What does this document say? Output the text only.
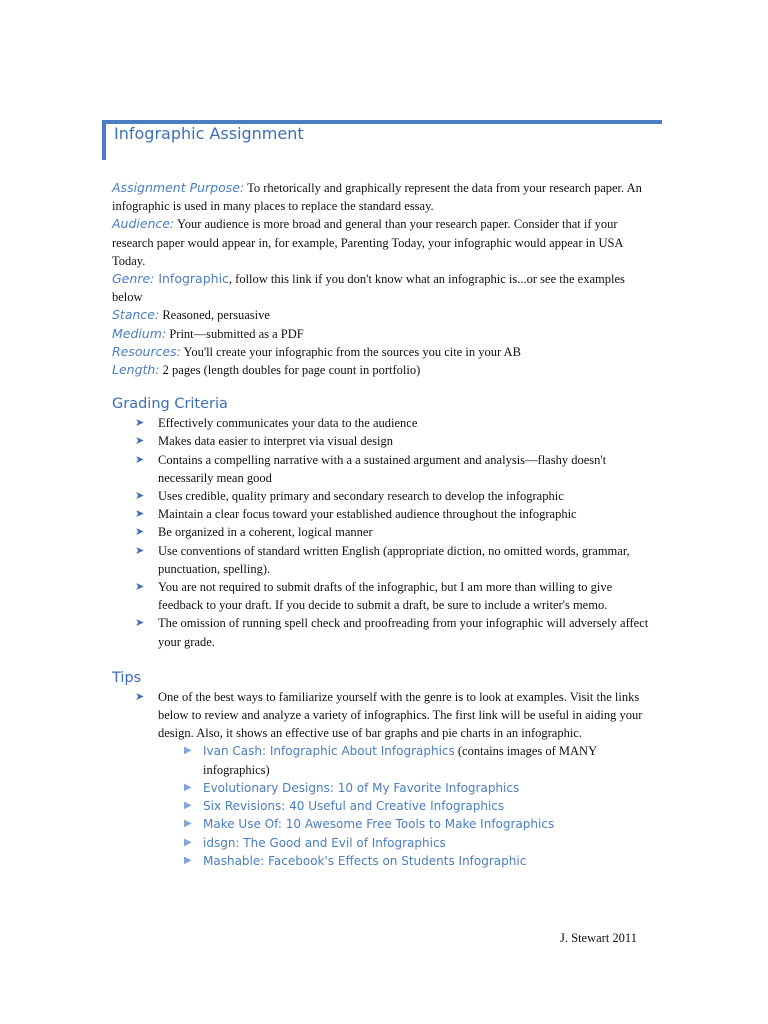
Infographic Assignment

Assignment Purpose: To rhetorically and graphically represent the data from your research paper. An infographic is used in many places to replace the standard essay.

Audience: Your audience is more broad and general than your research paper. Consider that if your research paper would appear in, for example, Parenting Today, your infographic would appear in USA Today.

Genre: Infographic, follow this link if you don't know what an infographic is...or see the examples below

Stance: Reasoned, persuasive

Medium: Print—submitted as a PDF

Resources: You'll create your infographic from the sources you cite in your AB

Length: 2 pages (length doubles for page count in portfolio)

Grading Criteria
➤ Effectively communicates your data to the audience
➤ Makes data easier to interpret via visual design
➤ Contains a compelling narrative with a a sustained argument and analysis—flashy doesn't necessarily mean good
➤ Uses credible, quality primary and secondary research to develop the infographic
➤ Maintain a clear focus toward your established audience throughout the infographic
➤ Be organized in a coherent, logical manner
➤ Use conventions of standard written English (appropriate diction, no omitted words, grammar, punctuation, spelling).
➤ You are not required to submit drafts of the infographic, but I am more than willing to give feedback to your draft. If you decide to submit a draft, be sure to include a writer's memo.
➤ The omission of running spell check and proofreading from your infographic will adversely affect your grade.
Tips
➤ One of the best ways to familiarize yourself with the genre is to look at examples. Visit the links below to review and analyze a variety of infographics. The first link will be useful in aiding your design. Also, it shows an effective use of bar graphs and pie charts in an infographic.
▶ Ivan Cash: Infographic About Infographics (contains images of MANY infographics)
▶ Evolutionary Designs: 10 of My Favorite Infographics
▶ Six Revisions: 40 Useful and Creative Infographics
▶ Make Use Of: 10 Awesome Free Tools to Make Infographics
▶ idsgn: The Good and Evil of Infographics
▶ Mashable: Facebook's Effects on Students Infographic
J. Stewart 2011
